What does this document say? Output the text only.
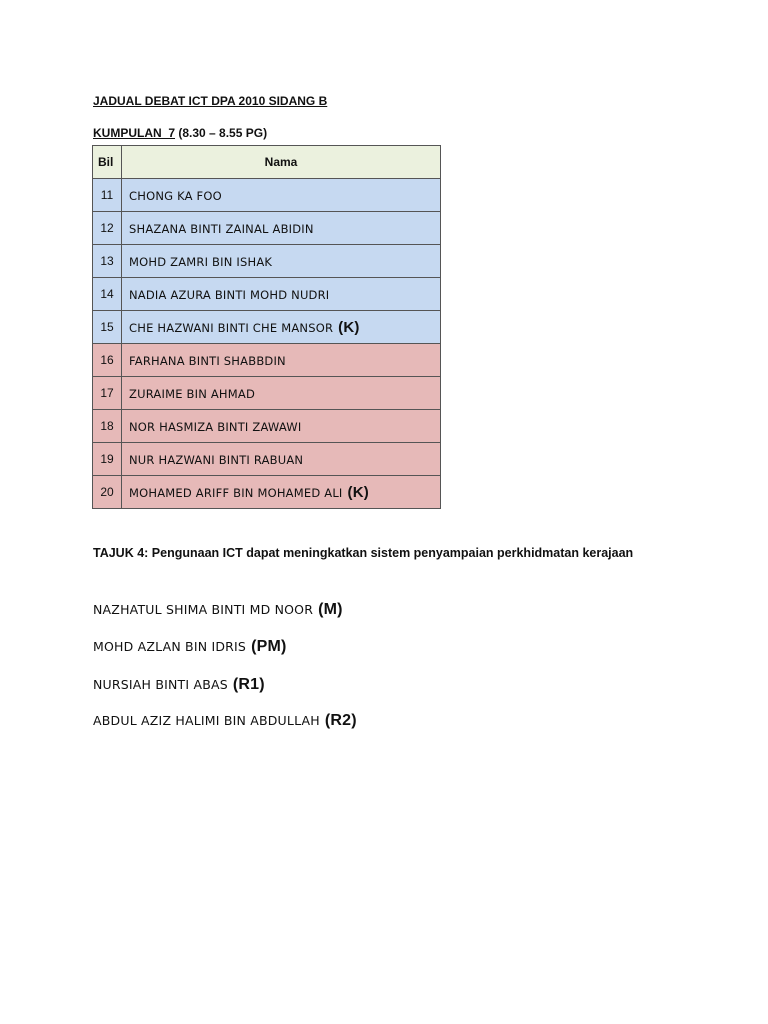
JADUAL DEBAT ICT DPA 2010 SIDANG B
KUMPULAN  7 (8.30 – 8.55 PG)
Bil	Nama
11	CHONG KA FOO
12	SHAZANA BINTI ZAINAL ABIDIN
13	MOHD ZAMRI BIN ISHAK
14	NADIA AZURA BINTI MOHD NUDRI
15	CHE HAZWANI BINTI CHE MANSOR (K)
16	FARHANA BINTI SHABBDIN
17	ZURAIME BIN AHMAD
18	NOR HASMIZA BINTI ZAWAWI
19	NUR HAZWANI BINTI RABUAN
20	MOHAMED ARIFF BIN MOHAMED ALI (K)
TAJUK 4: Pengunaan ICT dapat meningkatkan sistem penyampaian perkhidmatan kerajaan
NAZHATUL SHIMA BINTI MD NOOR (M)
MOHD AZLAN BIN IDRIS (PM)
NURSIAH BINTI ABAS (R1)
ABDUL AZIZ HALIMI BIN ABDULLAH (R2)
